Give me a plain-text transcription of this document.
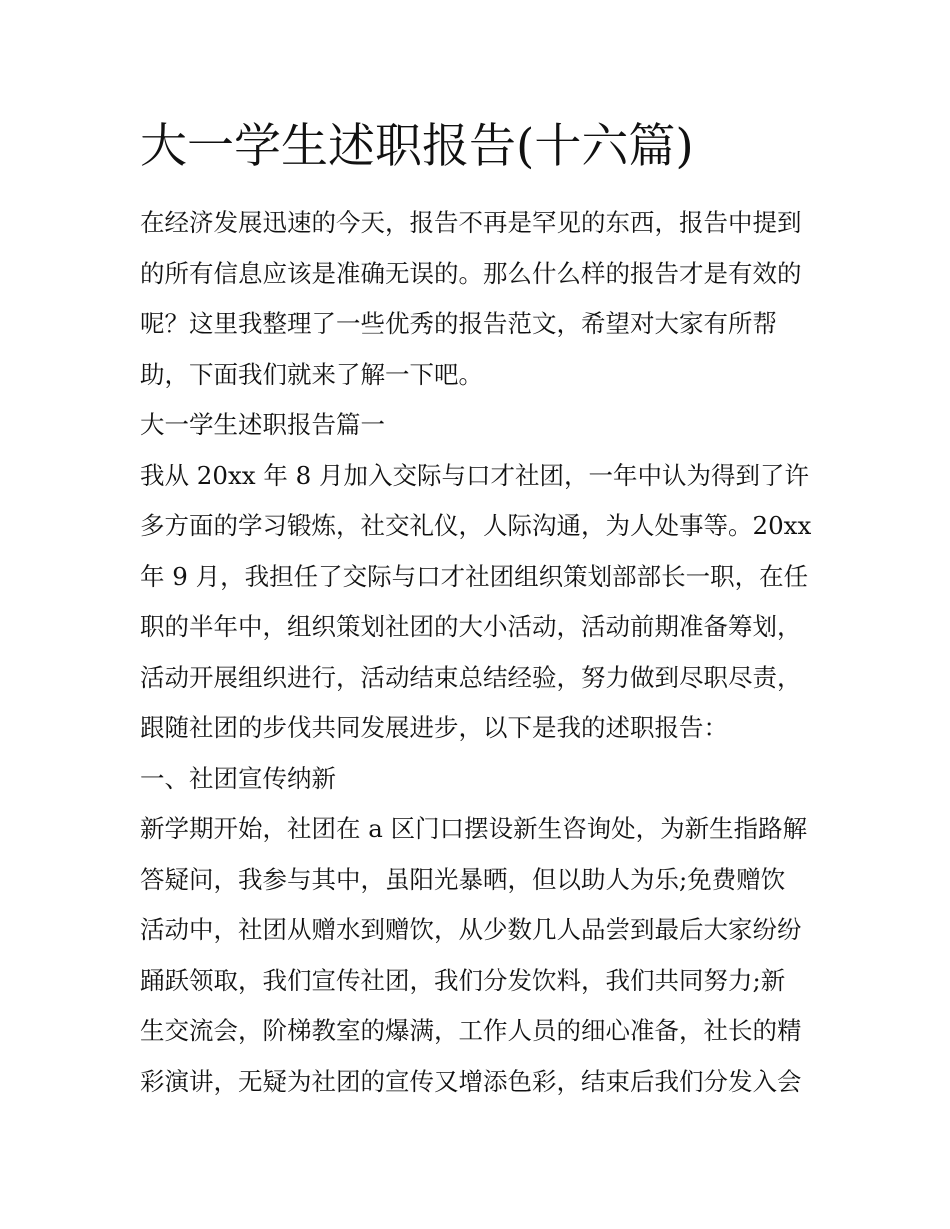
大一学生述职报告(十六篇)
在经济发展迅速的今天，报告不再是罕见的东西，报告中提到
的所有信息应该是准确无误的。那么什么样的报告才是有效的
呢？这里我整理了一些优秀的报告范文，希望对大家有所帮
助，下面我们就来了解一下吧。
大一学生述职报告篇一
我从 20xx 年 8 月加入交际与口才社团，一年中认为得到了许
多方面的学习锻炼，社交礼仪，人际沟通，为人处事等。20xx
年 9 月，我担任了交际与口才社团组织策划部部长一职，在任
职的半年中，组织策划社团的大小活动，活动前期准备筹划，
活动开展组织进行，活动结束总结经验，努力做到尽职尽责，
跟随社团的步伐共同发展进步，以下是我的述职报告：
一、社团宣传纳新
新学期开始，社团在 a 区门口摆设新生咨询处，为新生指路解
答疑问，我参与其中，虽阳光暴晒，但以助人为乐;免费赠饮
活动中，社团从赠水到赠饮，从少数几人品尝到最后大家纷纷
踊跃领取，我们宣传社团，我们分发饮料，我们共同努力;新
生交流会，阶梯教室的爆满，工作人员的细心准备，社长的精
彩演讲，无疑为社团的宣传又增添色彩，结束后我们分发入会
